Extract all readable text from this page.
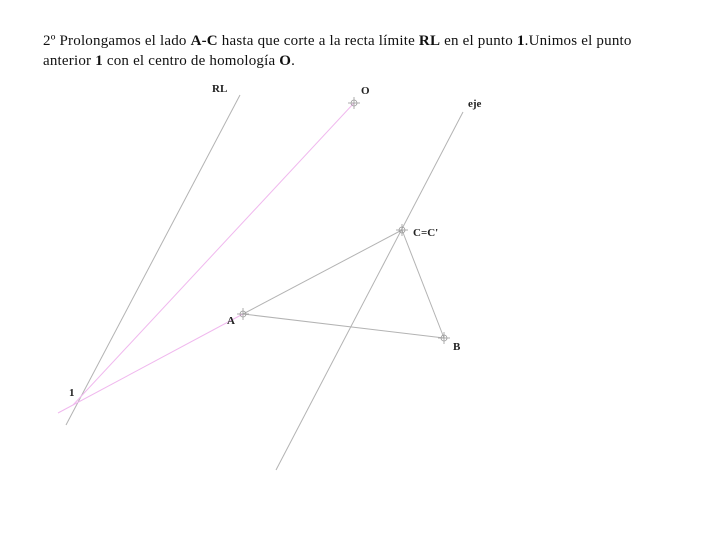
2º Prolongamos el lado A-C hasta que corte a la recta límite RL en el punto 1.Unimos el punto anterior 1 con el centro de homología O.
RL	O
eje
C=C'
A
B
1
